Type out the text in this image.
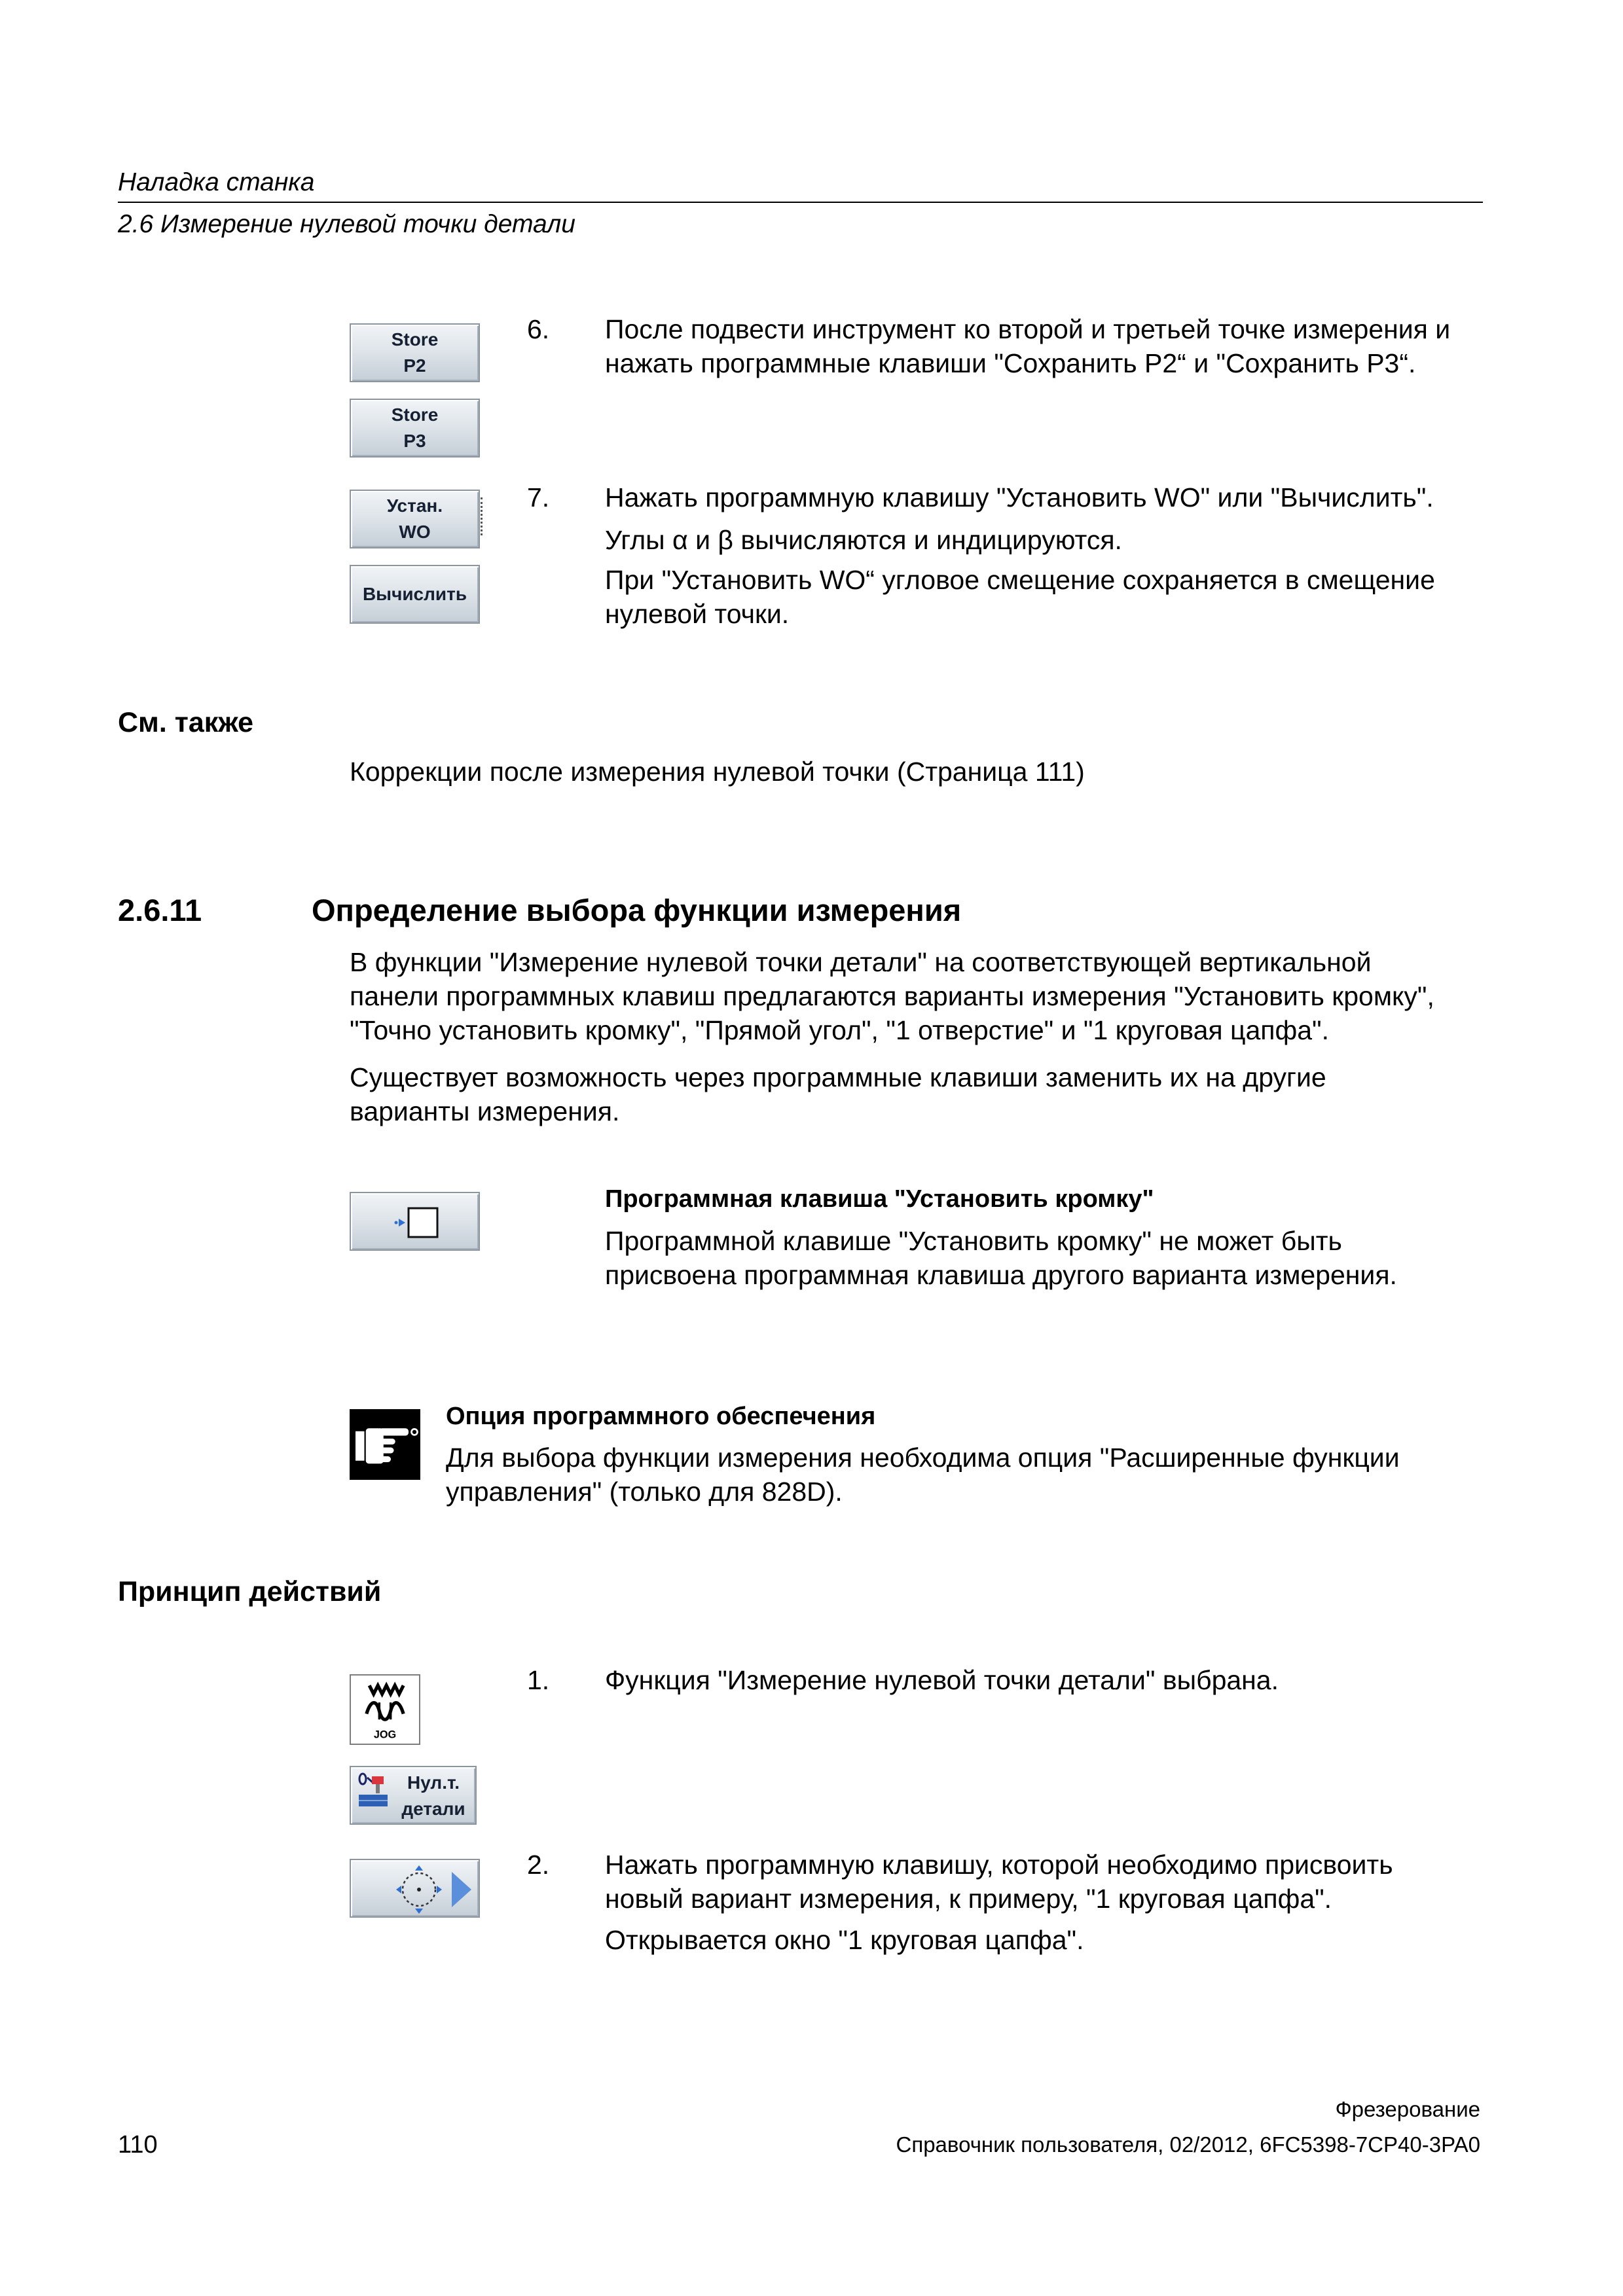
Наладка станка
2.6 Измерение нулевой точки детали
Store
P2
Store
P3
6. После подвести инструмент ко второй и третьей точке измерения и
нажать программные клавиши "Сохранить P2“ и "Сохранить P3“.
Устан.
WO
Вычислить
7. Нажать программную клавишу "Установить WO" или "Вычислить".
Углы α и β вычисляются и индицируются.
При "Установить WO“ угловое смещение сохраняется в смещение
нулевой точки.
См. также
Коррекции после измерения нулевой точки (Страница 111)
2.6.11	Определение выбора функции измерения
В функции "Измерение нулевой точки детали" на соответствующей вертикальной
панели программных клавиш предлагаются варианты измерения "Установить кромку",
"Точно установить кромку", "Прямой угол", "1 отверстие" и "1 круговая цапфа".
Существует возможность через программные клавиши заменить их на другие
варианты измерения.
Программная клавиша "Установить кромку"
Программной клавише "Установить кромку" не может быть
присвоена программная клавиша другого варианта измерения.
Опция программного обеспечения
Для выбора функции измерения необходима опция "Расширенные функции
управления" (только для 828D).
Принцип действий
JOG
1. Функция "Измерение нулевой точки детали" выбрана.
Нул.т.
детали
2. Нажать программную клавишу, которой необходимо присвоить
новый вариант измерения, к примеру, "1 круговая цапфа".
Открывается окно "1 круговая цапфа".
Фрезерование
110	Справочник пользователя, 02/2012, 6FC5398-7CP40-3PA0
